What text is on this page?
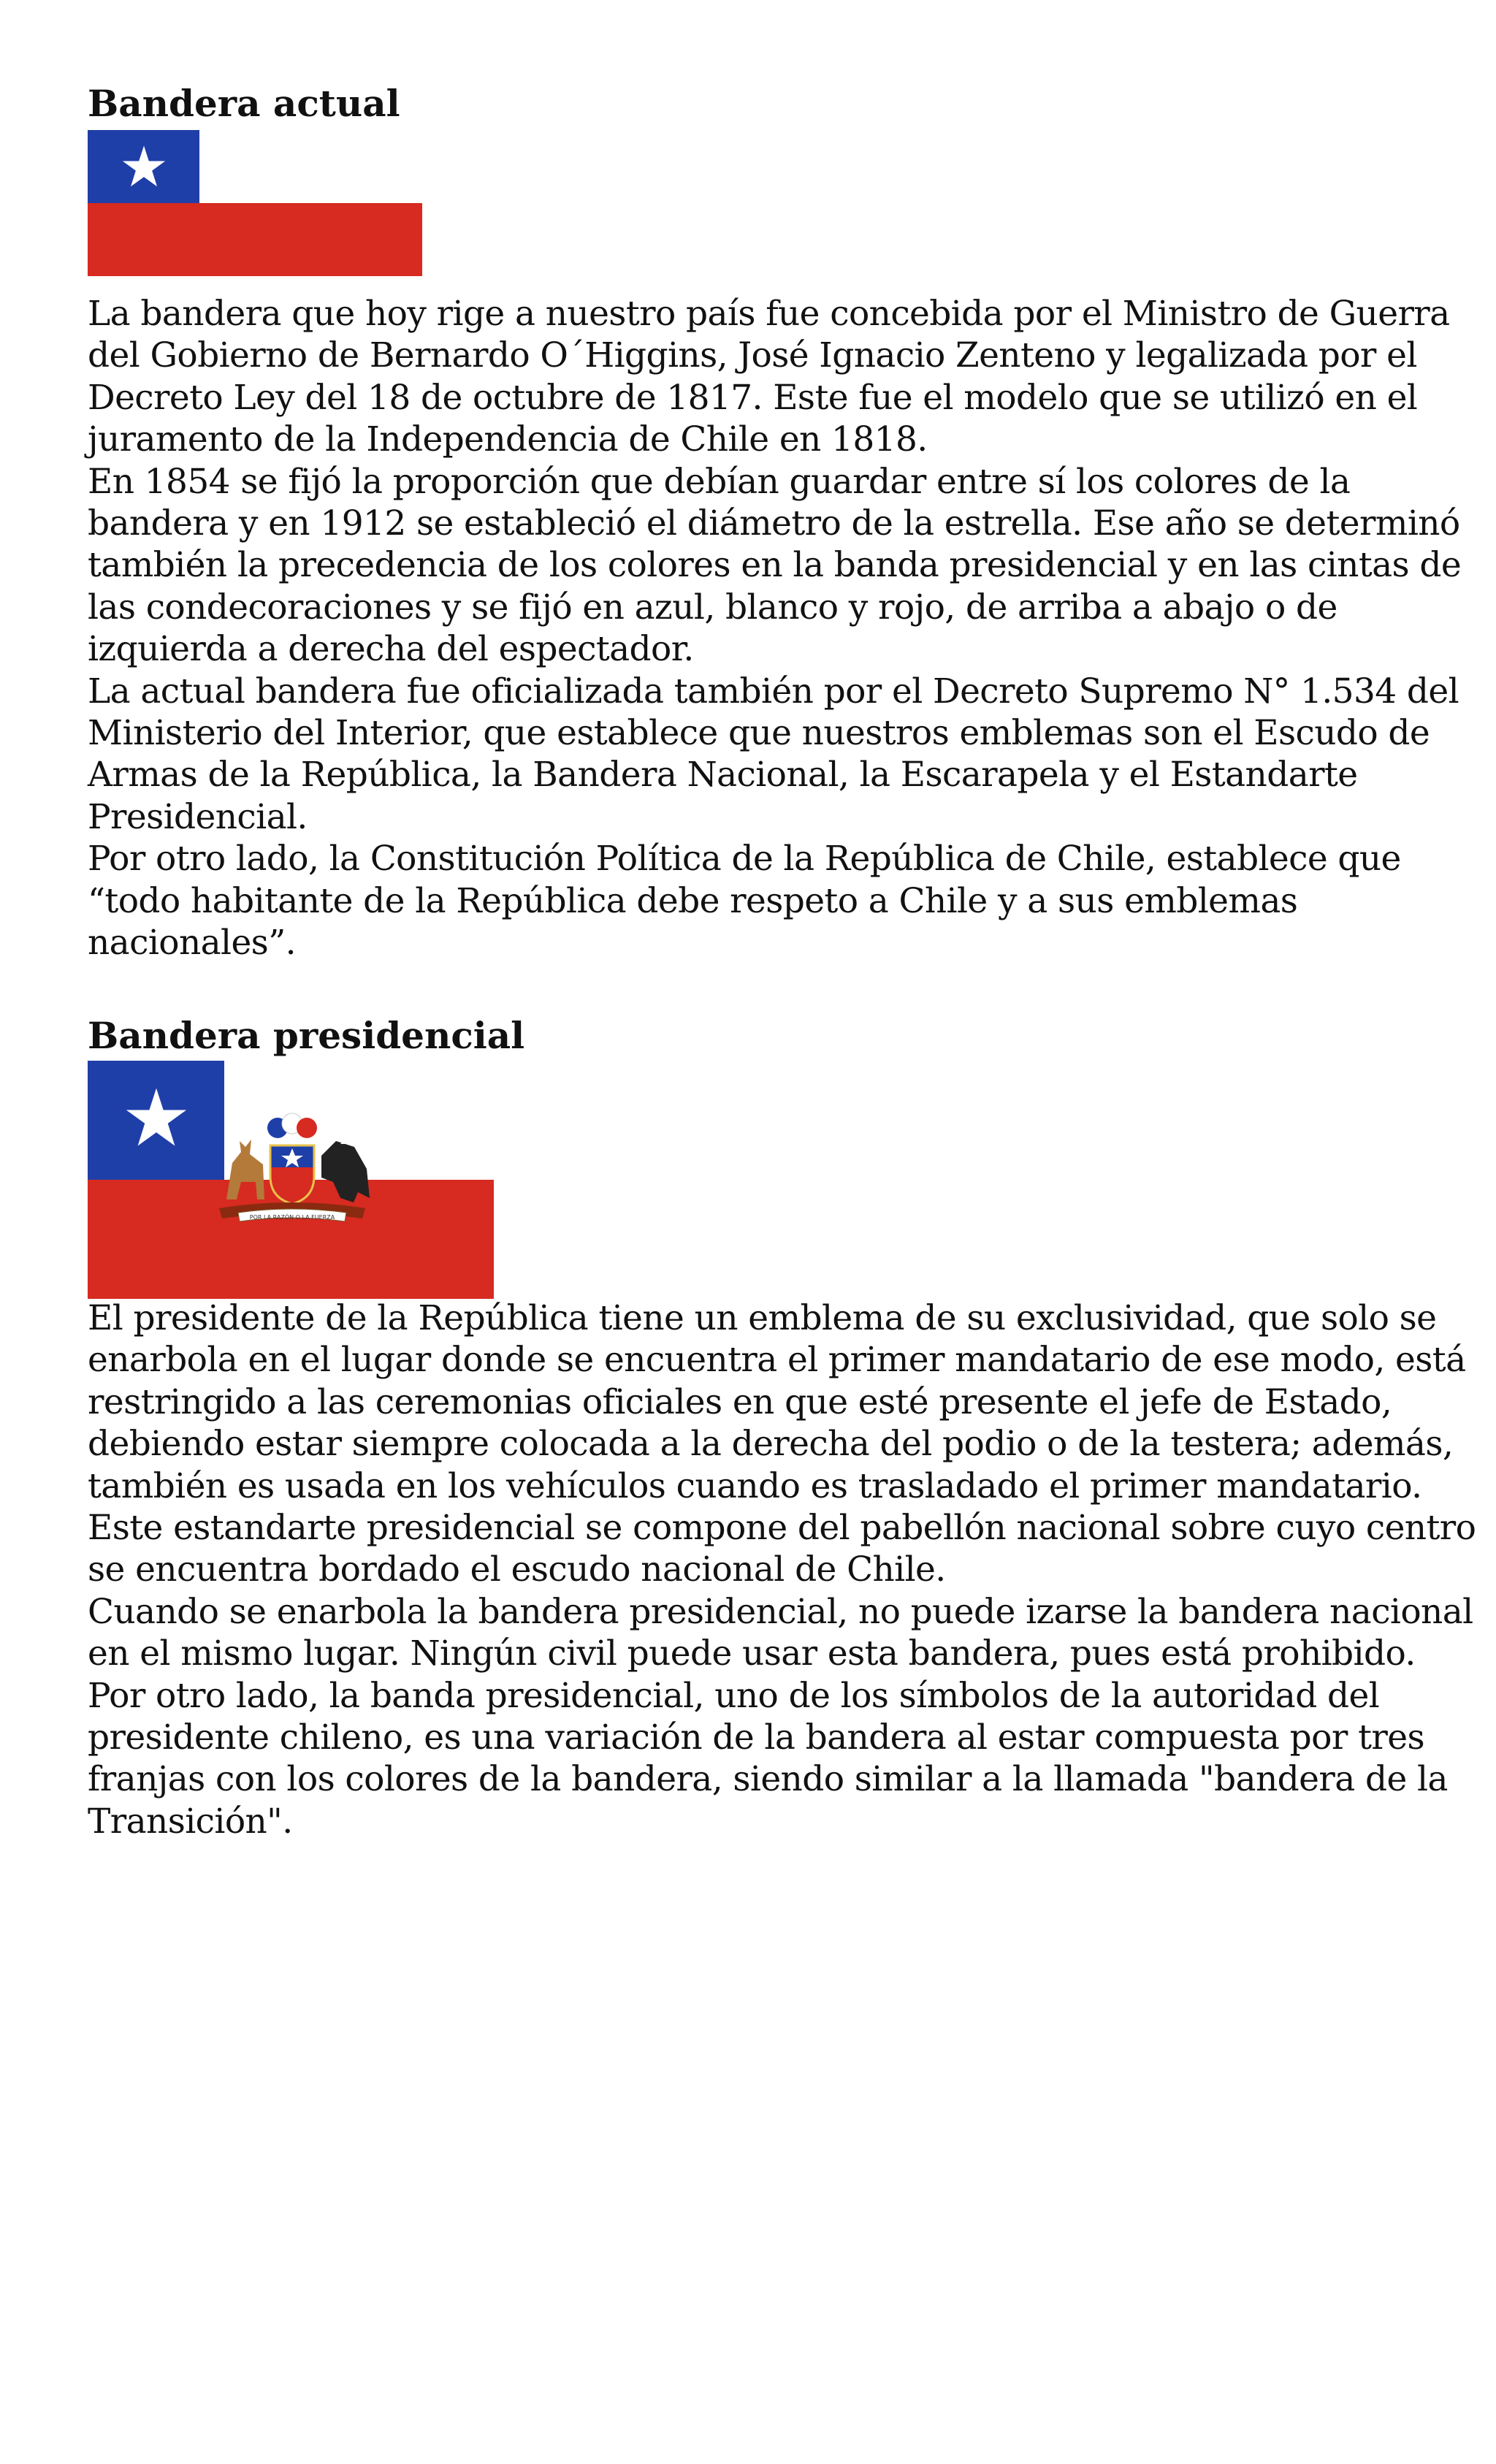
Bandera actual
La bandera que hoy rige a nuestro país fue concebida por el Ministro de Guerra
del Gobierno de Bernardo O´Higgins, José Ignacio Zenteno y legalizada por el
Decreto Ley del 18 de octubre de 1817. Este fue el modelo que se utilizó en el
juramento de la Independencia de Chile en 1818.
En 1854 se fijó la proporción que debían guardar entre sí los colores de la
bandera y en 1912 se estableció el diámetro de la estrella. Ese año se determinó
también la precedencia de los colores en la banda presidencial y en las cintas de
las condecoraciones y se fijó en azul, blanco y rojo, de arriba a abajo o de
izquierda a derecha del espectador.
La actual bandera fue oficializada también por el Decreto Supremo N° 1.534 del
Ministerio del Interior, que establece que nuestros emblemas son el Escudo de
Armas de la República, la Bandera Nacional, la Escarapela y el Estandarte
Presidencial.
Por otro lado, la Constitución Política de la República de Chile, establece que
“todo habitante de la República debe respeto a Chile y a sus emblemas
nacionales”.
Bandera presidencial
POR LA RAZÓN O LA FUERZA
El presidente de la República tiene un emblema de su exclusividad, que solo se
enarbola en el lugar donde se encuentra el primer mandatario de ese modo, está
restringido a las ceremonias oficiales en que esté presente el jefe de Estado,
debiendo estar siempre colocada a la derecha del podio o de la testera; además,
también es usada en los vehículos cuando es trasladado el primer mandatario.
Este estandarte presidencial se compone del pabellón nacional sobre cuyo centro
se encuentra bordado el escudo nacional de Chile.
Cuando se enarbola la bandera presidencial, no puede izarse la bandera nacional
en el mismo lugar. Ningún civil puede usar esta bandera, pues está prohibido.
Por otro lado, la banda presidencial, uno de los símbolos de la autoridad del
presidente chileno, es una variación de la bandera al estar compuesta por tres
franjas con los colores de la bandera, siendo similar a la llamada "bandera de la
Transición".
